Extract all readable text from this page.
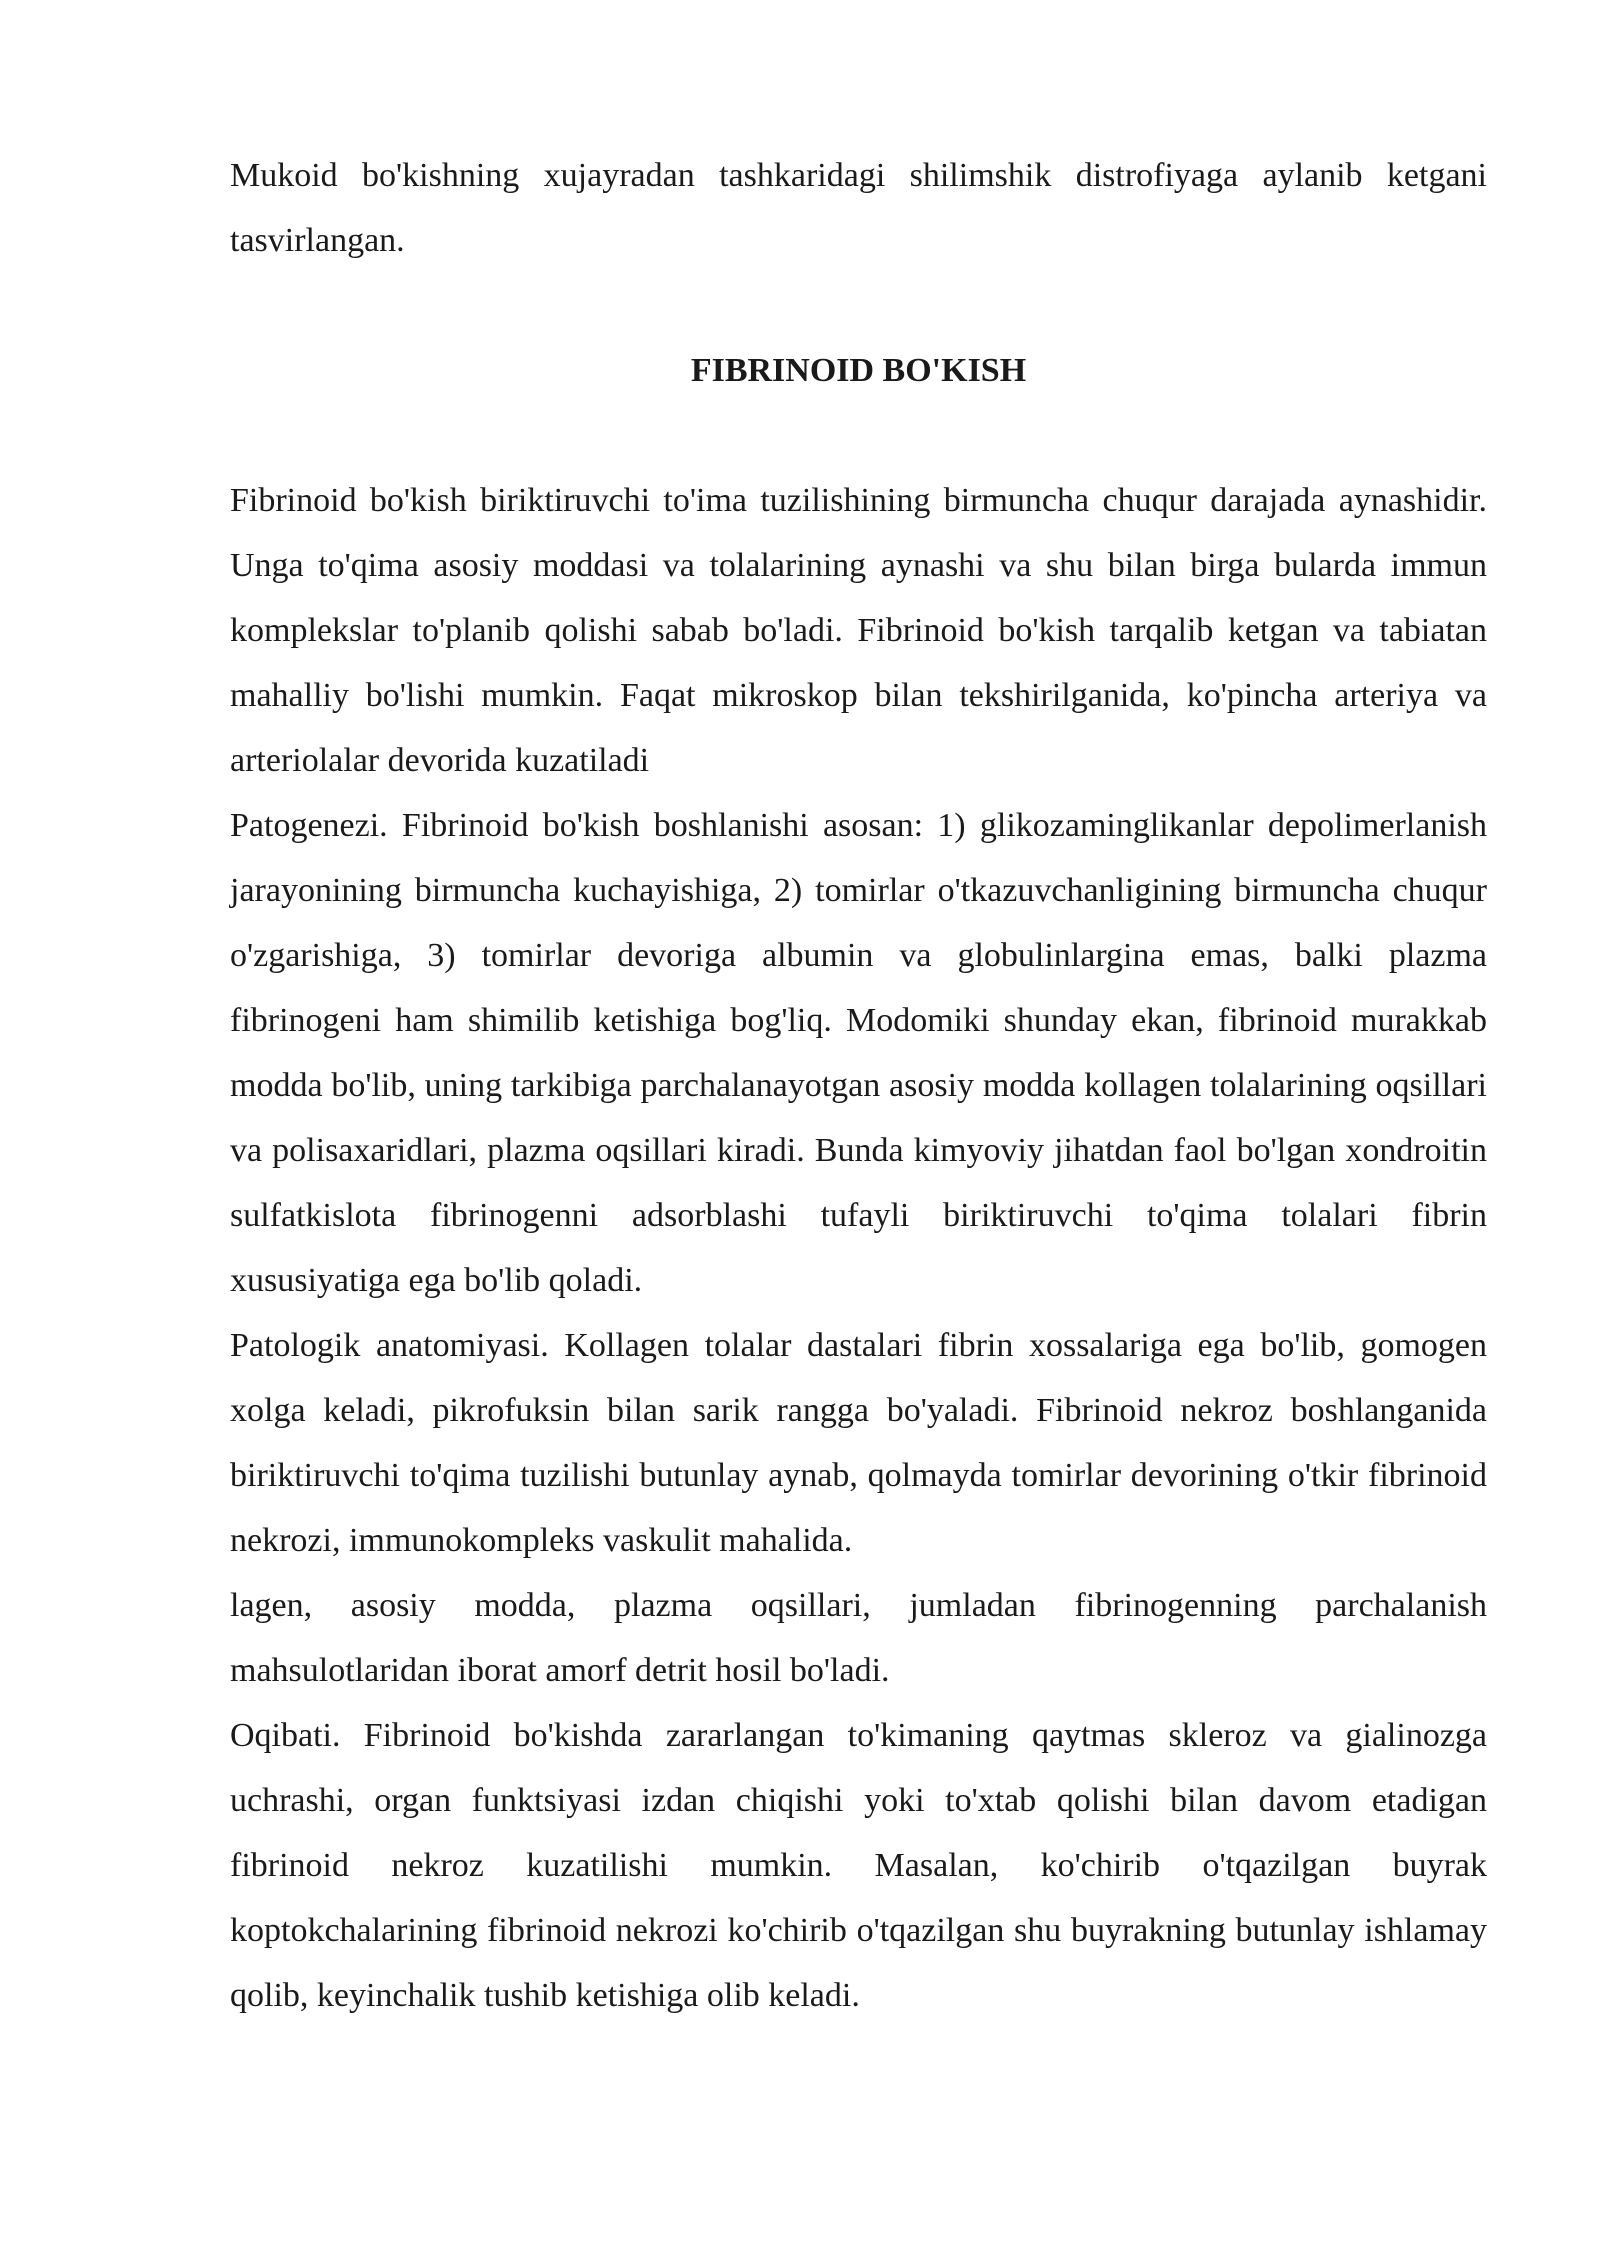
Mukoid bo'kishning xujayradan tashkaridagi shilimshik distrofiyaga aylanib ketgani tasvirlangan.

FIBRINOID BO'KISH

Fibrinoid bo'kish biriktiruvchi to'ima tuzilishining birmuncha chuqur darajada aynashidir. Unga to'qima asosiy moddasi va tolalarining aynashi va shu bilan birga bularda immun komplekslar to'planib qolishi sabab bo'ladi. Fibrinoid bo'kish tarqalib ketgan va tabiatan mahalliy bo'lishi mumkin. Faqat mikroskop bilan tekshirilganida, ko'pincha arteriya va arteriolalar devorida kuzatiladi

Patogenezi. Fibrinoid bo'kish boshlanishi asosan: 1) glikozaminglikanlar depolimerlanish jarayonining birmuncha kuchayishiga, 2) tomirlar o'tkazuvchanligining birmuncha chuqur o'zgarishiga, 3) tomirlar devoriga albumin va globulinlargina emas, balki plazma fibrinogeni ham shimilib ketishiga bog'liq. Modomiki shunday ekan, fibrinoid murakkab modda bo'lib, uning tarkibiga parchalanayotgan asosiy modda kollagen tolalarining oqsillari va polisaxaridlari, plazma oqsillari kiradi. Bunda kimyoviy jihatdan faol bo'lgan xondroitin sulfatkislota fibrinogenni adsorblashi tufayli biriktiruvchi to'qima tolalari fibrin xususiyatiga ega bo'lib qoladi.

Patologik anatomiyasi. Kollagen tolalar dastalari fibrin xossalariga ega bo'lib, gomogen xolga keladi, pikrofuksin bilan sarik rangga bo'yaladi. Fibrinoid nekroz boshlanganida biriktiruvchi to'qima tuzilishi butunlay aynab, qolmayda tomirlar devorining o'tkir fibrinoid nekrozi, immunokompleks vaskulit mahalida.

lagen, asosiy modda, plazma oqsillari, jumladan fibrinogenning parchalanish mahsulotlaridan iborat amorf detrit hosil bo'ladi.

Oqibati. Fibrinoid bo'kishda zararlangan to'kimaning qaytmas skleroz va gialinozga uchrashi, organ funktsiyasi izdan chiqishi yoki to'xtab qolishi bilan davom etadigan fibrinoid nekroz kuzatilishi mumkin. Masalan, ko'chirib o'tqazilgan buyrak koptokchalarining fibrinoid nekrozi ko'chirib o'tqazilgan shu buyrakning butunlay ishlamay qolib, keyinchalik tushib ketishiga olib keladi.
